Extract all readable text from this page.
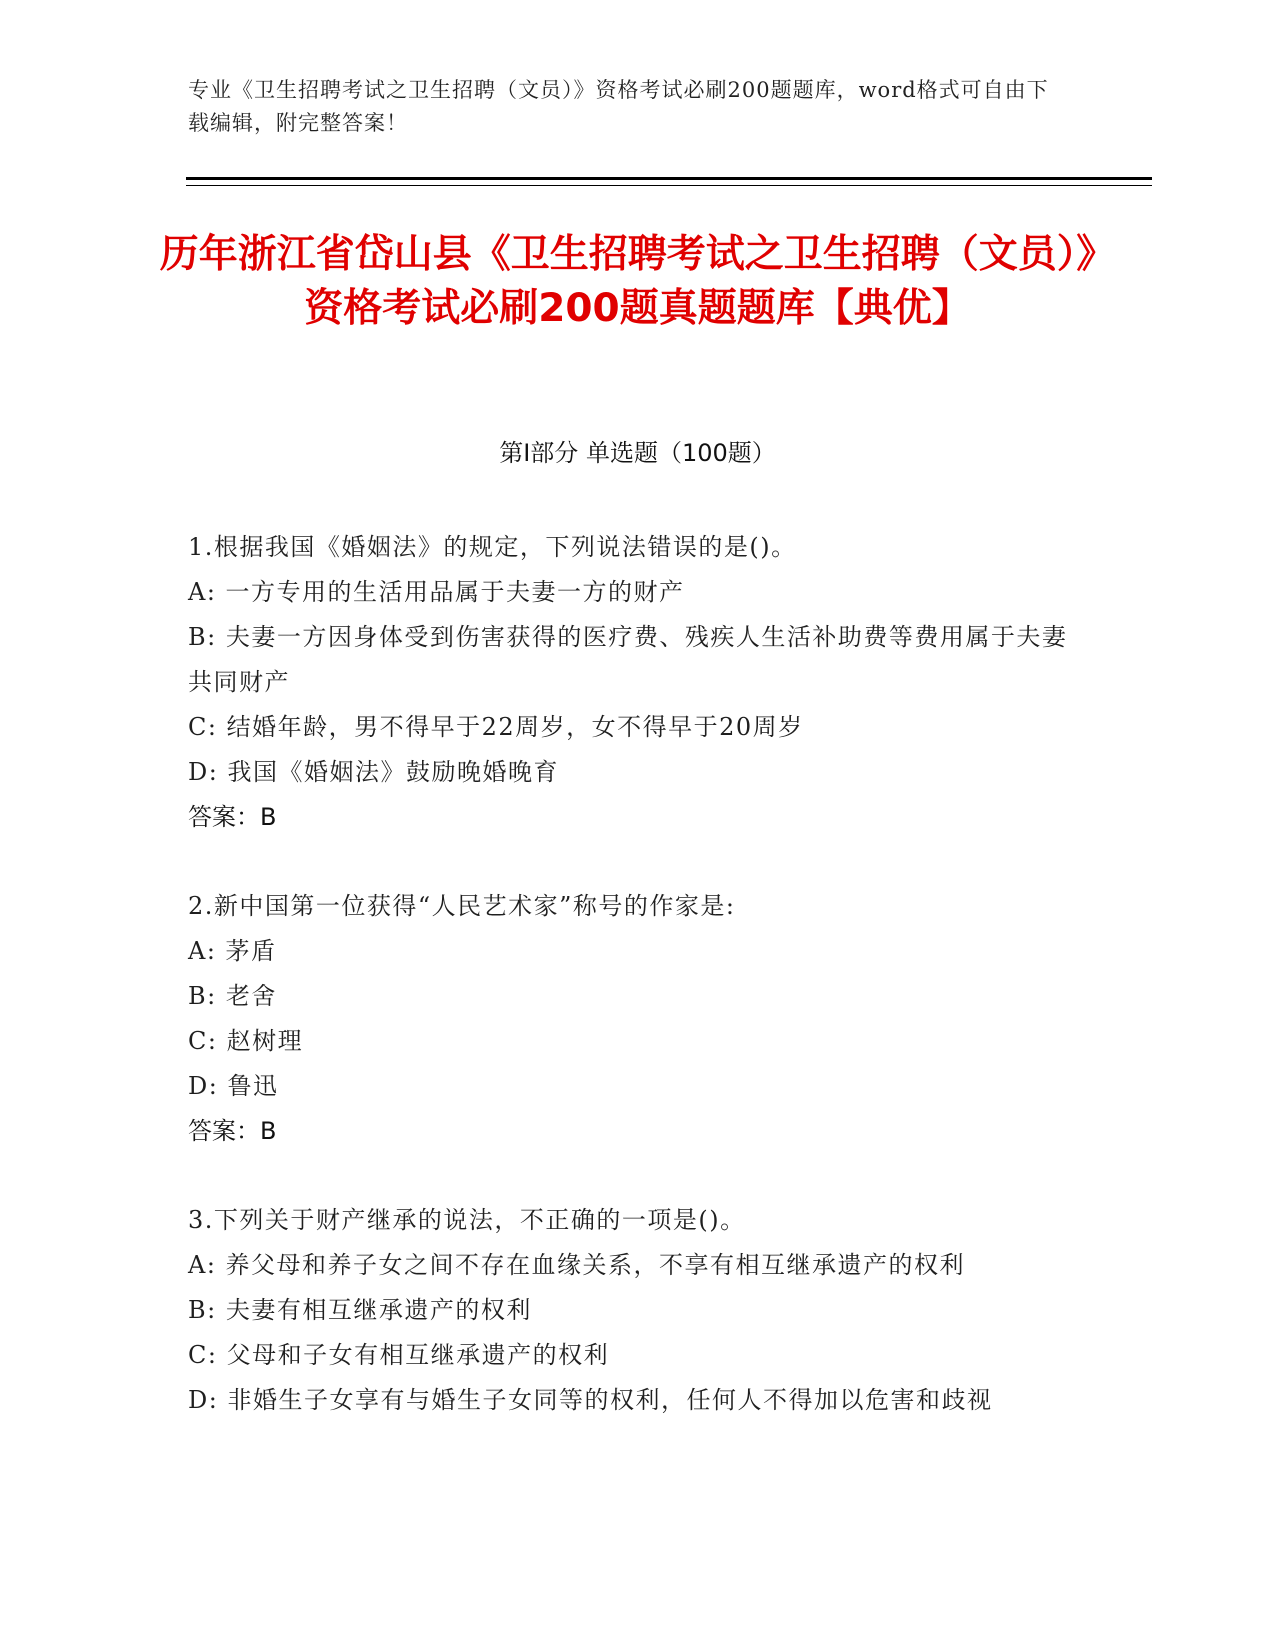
专业《卫生招聘考试之卫生招聘（文员）》资格考试必刷200题题库，word格式可自由下载编辑，附完整答案！
历年浙江省岱山县《卫生招聘考试之卫生招聘（文员）》资格考试必刷200题真题题库【典优】
第I部分 单选题（100题）
1.根据我国《婚姻法》的规定，下列说法错误的是()。
A: 一方专用的生活用品属于夫妻一方的财产
B: 夫妻一方因身体受到伤害获得的医疗费、残疾人生活补助费等费用属于夫妻共同财产
C: 结婚年龄，男不得早于22周岁，女不得早于20周岁
D: 我国《婚姻法》鼓励晚婚晚育
答案：B
2.新中国第一位获得“人民艺术家”称号的作家是:
A: 茅盾
B: 老舍
C: 赵树理
D: 鲁迅
答案：B
3.下列关于财产继承的说法，不正确的一项是()。
A: 养父母和养子女之间不存在血缘关系，不享有相互继承遗产的权利
B: 夫妻有相互继承遗产的权利
C: 父母和子女有相互继承遗产的权利
D: 非婚生子女享有与婚生子女同等的权利，任何人不得加以危害和歧视
